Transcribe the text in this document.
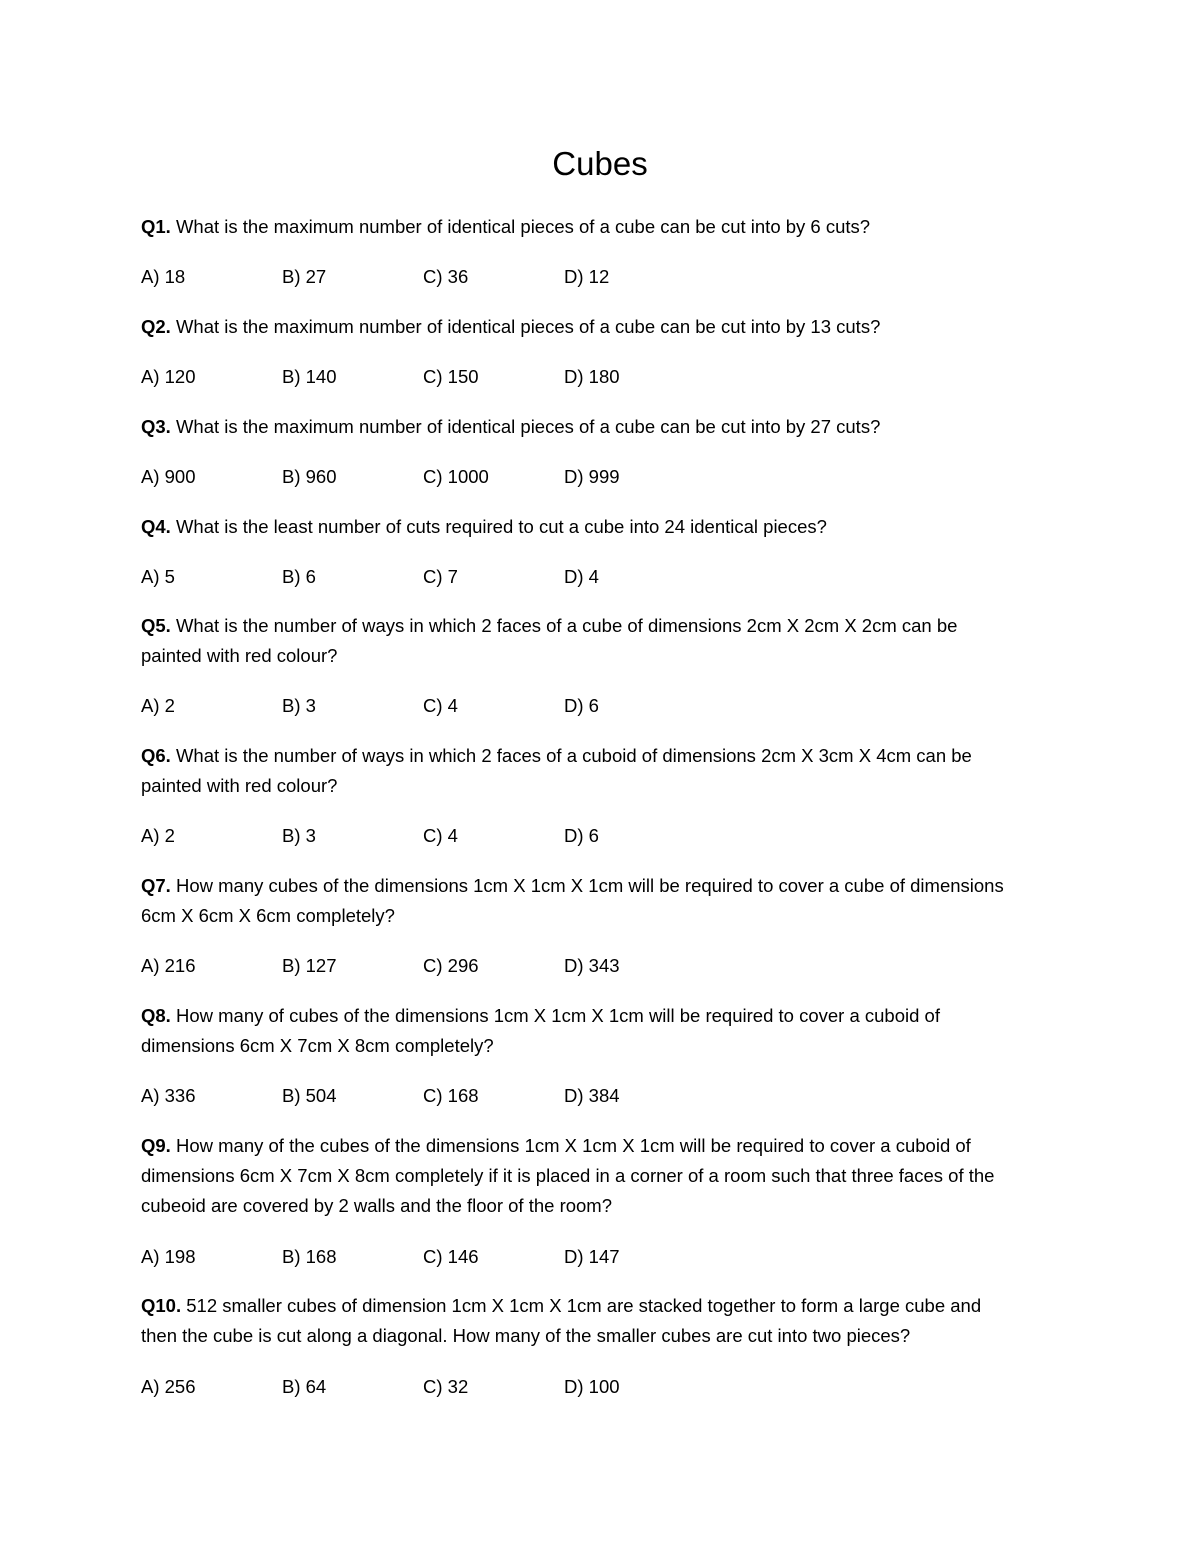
Cubes
Q1. What is the maximum number of identical pieces of a cube can be cut into by 6 cuts?
A) 18	B) 27	C) 36	D) 12
Q2. What is the maximum number of identical pieces of a cube can be cut into by 13 cuts?
A) 120	B) 140	C) 150	D) 180
Q3. What is the maximum number of identical pieces of a cube can be cut into by 27 cuts?
A) 900	B) 960	C) 1000	D) 999
Q4. What is the least number of cuts required to cut a cube into 24 identical pieces?
A) 5	B) 6	C) 7	D) 4
Q5. What is the number of ways in which 2 faces of a cube of dimensions 2cm X 2cm X 2cm can be
painted with red colour?
A) 2	B) 3	C) 4	D) 6
Q6. What is the number of ways in which 2 faces of a cuboid of dimensions 2cm X 3cm X 4cm can be
painted with red colour?
A) 2	B) 3	C) 4	D) 6
Q7. How many cubes of the dimensions 1cm X 1cm X 1cm will be required to cover a cube of dimensions
6cm X 6cm X 6cm completely?
A) 216	B) 127	C) 296	D) 343
Q8. How many of cubes of the dimensions 1cm X 1cm X 1cm will be required to cover a cuboid of
dimensions 6cm X 7cm X 8cm completely?
A) 336	B) 504	C) 168	D) 384
Q9. How many of the cubes of the dimensions 1cm X 1cm X 1cm will be required to cover a cuboid of
dimensions 6cm X 7cm X 8cm completely if it is placed in a corner of a room such that three faces of the
cubeoid are covered by 2 walls and the floor of the room?
A) 198	B) 168	C) 146	D) 147
Q10. 512 smaller cubes of dimension 1cm X 1cm X 1cm are stacked together to form a large cube and
then the cube is cut along a diagonal. How many of the smaller cubes are cut into two pieces?
A) 256	B) 64	C) 32	D) 100
